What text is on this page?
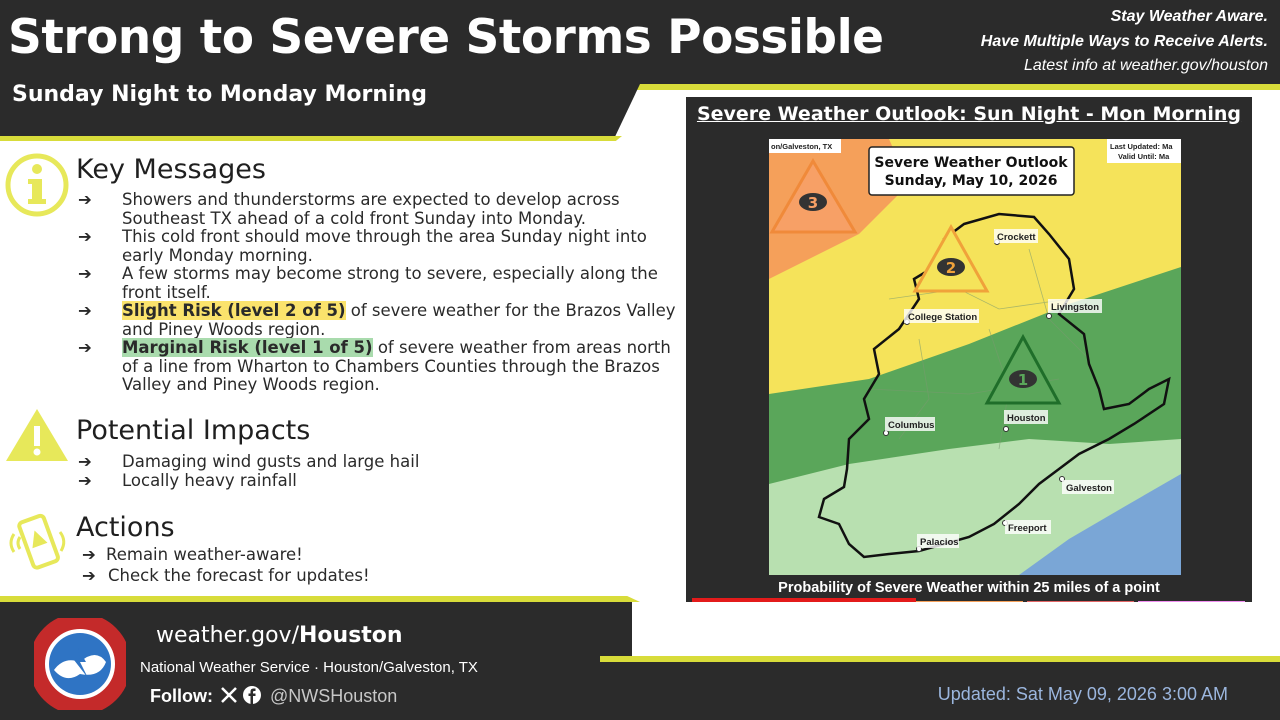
Strong to Severe Storms Possible
Sunday Night to Monday Morning
Stay Weather Aware.
Have Multiple Ways to Receive Alerts.
Latest info at weather.gov/houston
Key Messages
➔ Showers and thunderstorms are expected to develop across Southeast TX ahead of a cold front Sunday into Monday.
➔ This cold front should move through the area Sunday night into early Monday morning.
➔ A few storms may become strong to severe, especially along the front itself.
➔ Slight Risk (level 2 of 5) of severe weather for the Brazos Valley and Piney Woods region.
➔ Marginal Risk (level 1 of 5) of severe weather from areas north of a line from Wharton to Chambers Counties through the Brazos Valley and Piney Woods region.
Potential Impacts
➔ Damaging wind gusts and large hail
➔ Locally heavy rainfall
Actions
➔ Remain weather-aware!
➔ Check the forecast for updates!
Severe Weather Outlook: Sun Night - Mon Morning
Crockett
Livingston
College Station
Columbus
Houston
Galveston
Freeport
Palacios
Severe Weather Outlook
Sunday, May 10, 2026
on/Galveston, TX	Last Updated: Ma
Valid Until: Ma
3
2
1
Probability of Severe Weather within 25 miles of a point
weather.gov/Houston
National Weather Service · Houston/Galveston, TX
Follow:	@NWSHouston	Updated: Sat May 09, 2026 3:00 AM
